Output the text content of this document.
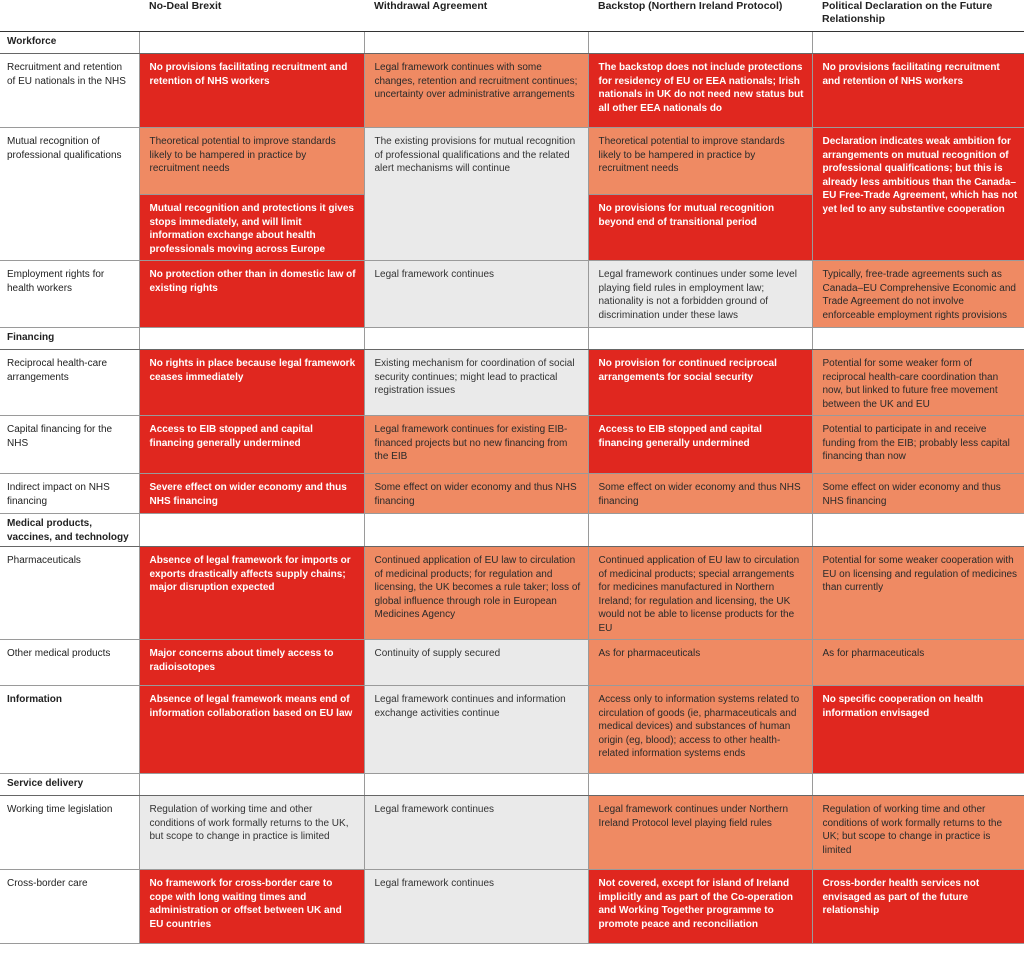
	No-Deal Brexit	Withdrawal Agreement	Backstop (Northern Ireland Protocol)	Political Declaration on the Future Relationship
Workforce				
Recruitment and retention of EU nationals in the NHS	No provisions facilitating recruitment and retention of NHS workers	Legal framework continues with some changes, retention and recruitment continues; uncertainty over administrative arrangements	The backstop does not include protections for residency of EU or EEA nationals; Irish nationals in UK do not need new status but all other EEA nationals do	No provisions facilitating recruitment and retention of NHS workers
Mutual recognition of professional qualifications	Theoretical potential to improve standards likely to be hampered in practice by recruitment needs	The existing provisions for mutual recognition of professional qualifications and the related alert mechanisms will continue	Theoretical potential to improve standards likely to be hampered in practice by recruitment needs	Declaration indicates weak ambition for arrangements on mutual recognition of professional qualifications; but this is already less ambitious than the Canada–EU Free-Trade Agreement, which has not yet led to any substantive cooperation
	Mutual recognition and protections it gives stops immediately, and will limit information exchange about health professionals moving across Europe		No provisions for mutual recognition beyond end of transitional period	
Employment rights for health workers	No protection other than in domestic law of existing rights	Legal framework continues	Legal framework continues under some level playing field rules in employment law; nationality is not a forbidden ground of discrimination under these laws	Typically, free-trade agreements such as Canada–EU Comprehensive Economic and Trade Agreement do not involve enforceable employment rights provisions
Financing				
Reciprocal health-care arrangements	No rights in place because legal framework ceases immediately	Existing mechanism for coordination of social security continues; might lead to practical registration issues	No provision for continued reciprocal arrangements for social security	Potential for some weaker form of reciprocal health-care coordination than now, but linked to future free movement between the UK and EU
Capital financing for the NHS	Access to EIB stopped and capital financing generally undermined	Legal framework continues for existing EIB-financed projects but no new financing from the EIB	Access to EIB stopped and capital financing generally undermined	Potential to participate in and receive funding from the EIB; probably less capital financing than now
Indirect impact on NHS financing	Severe effect on wider economy and thus NHS financing	Some effect on wider economy and thus NHS financing	Some effect on wider economy and thus NHS financing	Some effect on wider economy and thus NHS financing
Medical products, vaccines, and technology				
Pharmaceuticals	Absence of legal framework for imports or exports drastically affects supply chains; major disruption expected	Continued application of EU law to circulation of medicinal products; for regulation and licensing, the UK becomes a rule taker; loss of global influence through role in European Medicines Agency	Continued application of EU law to circulation of medicinal products; special arrangements for medicines manufactured in Northern Ireland; for regulation and licensing, the UK would not be able to license products for the EU	Potential for some weaker cooperation with EU on licensing and regulation of medicines than currently
Other medical products	Major concerns about timely access to radioisotopes	Continuity of supply secured	As for pharmaceuticals	As for pharmaceuticals
Information	Absence of legal framework means end of information collaboration based on EU law	Legal framework continues and information exchange activities continue	Access only to information systems related to circulation of goods (ie, pharmaceuticals and medical devices) and substances of human origin (eg, blood); access to other health-related information systems ends	No specific cooperation on health information envisaged
Service delivery				
Working time legislation	Regulation of working time and other conditions of work formally returns to the UK, but scope to change in practice is limited	Legal framework continues	Legal framework continues under Northern Ireland Protocol level playing field rules	Regulation of working time and other conditions of work formally returns to the UK; but scope to change in practice is limited
Cross-border care	No framework for cross-border care to cope with long waiting times and administration or offset between UK and EU countries	Legal framework continues	Not covered, except for island of Ireland implicitly and as part of the Co-operation and Working Together programme to promote peace and reconciliation	Cross-border health services not envisaged as part of the future relationship
